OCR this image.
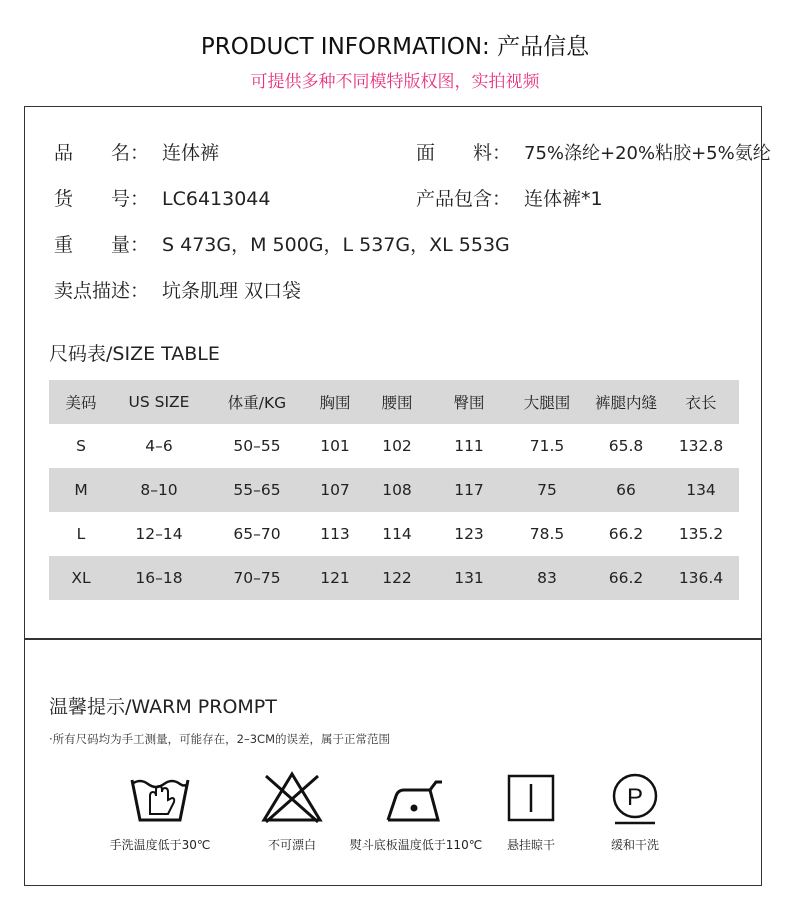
PRODUCT INFORMATION: 产品信息
可提供多种不同模特版权图，实拍视频
品　　名： 连体裤	面　　料： 75%涤纶+20%粘胶+5%氨纶
货　　号： LC6413044	产品包含： 连体裤*1
重　　量： S 473G，M 500G，L 537G，XL 553G
卖点描述： 坑条肌理 双口袋
尺码表/SIZE TABLE
美码	US SIZE	体重/KG	胸围	腰围	臀围	大腿围	裤腿内缝	衣长
S	4–6	50–55	101	102	111	71.5	65.8	132.8
M	8–10	55–65	107	108	117	75	66	134
L	12–14	65–70	113	114	123	78.5	66.2	135.2
XL	16–18	70–75	121	122	131	83	66.2	136.4
温馨提示/WARM PROMPT
·所有尺码均为手工测量，可能存在，2–3CM的误差，属于正常范围
手洗温度低于30℃	不可漂白	熨斗底板温度低于110℃	悬挂晾干
P
缓和干洗
